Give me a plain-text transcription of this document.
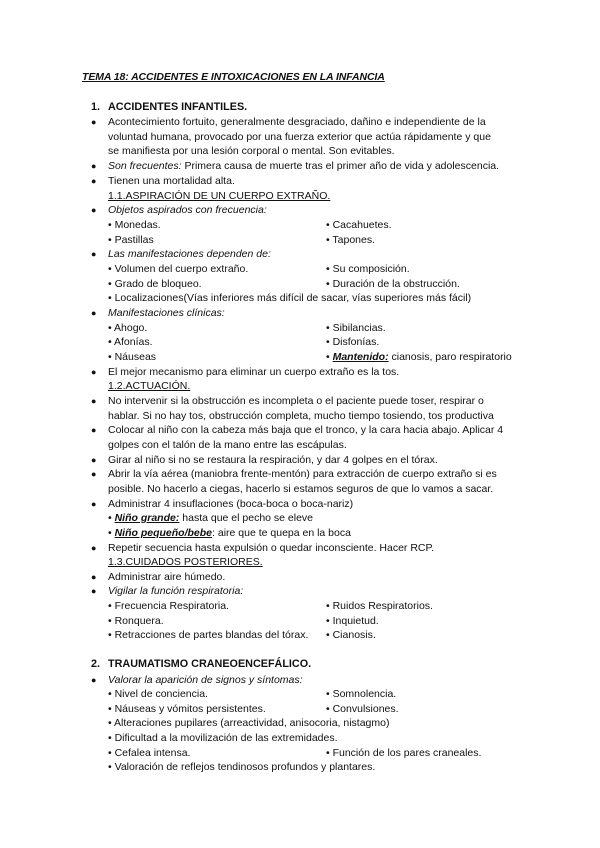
TEMA 18: ACCIDENTES E INTOXICACIONES EN LA INFANCIA
1. ACCIDENTES INFANTILES.
● Acontecimiento fortuito, generalmente desgraciado, dañino e independiente de la
voluntad humana, provocado por una fuerza exterior que actúa rápidamente y que
se manifiesta por una lesión corporal o mental. Son evitables.
● Son frecuentes: Primera causa de muerte tras el primer año de vida y adolescencia.
● Tienen una mortalidad alta.
1.1.ASPIRACIÓN DE UN CUERPO EXTRAÑO.
● Objetos aspirados con frecuencia:
• Monedas.	• Cacahuetes.
• Pastillas	• Tapones.
● Las manifestaciones dependen de:
• Volumen del cuerpo extraño.	• Su composición.
• Grado de bloqueo.	• Duración de la obstrucción.
• Localizaciones(Vías inferiores más difícil de sacar, vías superiores más fácil)
● Manifestaciones clínicas:
• Ahogo.	• Sibilancias.
• Afonías.	• Disfonías.
• Náuseas	• Mantenido: cianosis, paro respiratorio
● El mejor mecanismo para eliminar un cuerpo extraño es la tos.
1.2.ACTUACIÓN.
● No intervenir si la obstrucción es incompleta o el paciente puede toser, respirar o
hablar. Si no hay tos, obstrucción completa, mucho tiempo tosiendo, tos productiva
● Colocar al niño con la cabeza más baja que el tronco, y la cara hacia abajo. Aplicar 4
golpes con el talón de la mano entre las escápulas.
● Girar al niño si no se restaura la respiración, y dar 4 golpes en el tórax.
● Abrir la vía aérea (maniobra frente-mentón) para extracción de cuerpo extraño si es
posible. No hacerlo a ciegas, hacerlo si estamos seguros de que lo vamos a sacar.
● Administrar 4 insuflaciones (boca-boca o boca-nariz)
• Niño grande: hasta que el pecho se eleve
• Niño pequeño/bebe: aire que te quepa en la boca
● Repetir secuencia hasta expulsión o quedar inconsciente. Hacer RCP.
1.3.CUIDADOS POSTERIORES.
● Administrar aire húmedo.
● Vigilar la función respiratoria:
• Frecuencia Respiratoria.	• Ruidos Respiratorios.
• Ronquera.	• Inquietud.
• Retracciones de partes blandas del tórax. • Cianosis.
2. TRAUMATISMO CRANEOENCEFÁLICO.
● Valorar la aparición de signos y síntomas:
• Nivel de conciencia.	• Somnolencia.
• Náuseas y vómitos persistentes.	• Convulsiones.
• Alteraciones pupilares (arreactividad, anisocoria, nistagmo)
• Dificultad a la movilización de las extremidades.
• Cefalea intensa.	• Función de los pares craneales.
• Valoración de reflejos tendinosos profundos y plantares.
